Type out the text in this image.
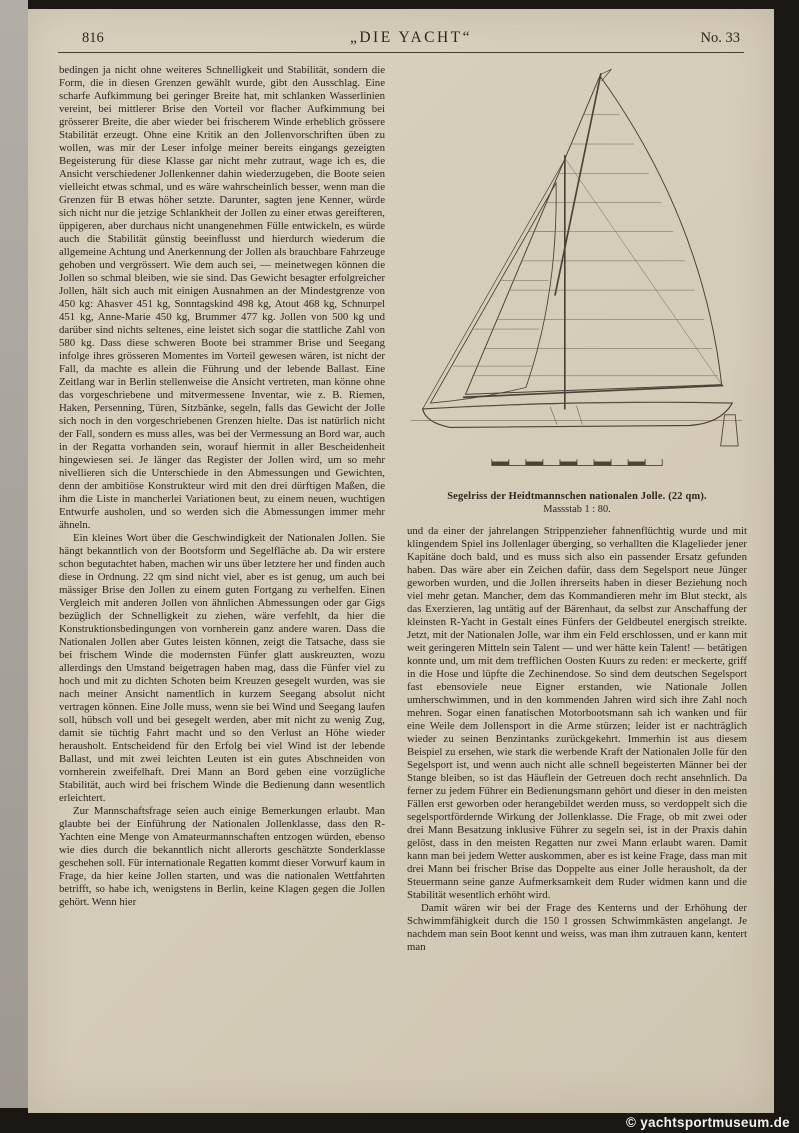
816	„DIE YACHT“	No. 33

bedingen ja nicht ohne weiteres Schnelligkeit und Stabilität, sondern die Form, die in diesen Grenzen gewählt wurde, gibt den Ausschlag. Eine scharfe Aufkimmung bei geringer Breite hat, mit schlanken Wasserlinien vereint, bei mittlerer Brise den Vorteil vor flacher Aufkimmung bei grösserer Breite, die aber wieder bei frischerem Winde erheblich grössere Stabilität erzeugt. Ohne eine Kritik an den Jollenvorschriften üben zu wollen, was mir der Leser infolge meiner bereits eingangs gezeigten Begeisterung für diese Klasse gar nicht mehr zutraut, wage ich es, die Ansicht verschiedener Jollenkenner dahin wiederzugeben, die Boote seien vielleicht etwas schmal, und es wäre wahrscheinlich besser, wenn man die Grenzen für B etwas höher setzte. Darunter, sagten jene Kenner, würde sich nicht nur die jetzige Schlankheit der Jollen zu einer etwas gereifteren, üppigeren, aber durchaus nicht unangenehmen Fülle entwickeln, es würde auch die Stabilität günstig beeinflusst und hierdurch wiederum die allgemeine Achtung und Anerkennung der Jollen als brauchbare Fahrzeuge gehoben und vergrössert. Wie dem auch sei, — meinetwegen können die Jollen so schmal bleiben, wie sie sind. Das Gewicht besagter erfolgreicher Jollen, hält sich auch mit einigen Ausnahmen an der Mindestgrenze von 450 kg: Ahasver 451 kg, Sonntagskind 498 kg, Atout 468 kg, Schnurpel 451 kg, Anne-Marie 450 kg, Brummer 477 kg. Jollen von 500 kg und darüber sind nichts seltenes, eine leistet sich sogar die stattliche Zahl von 580 kg. Dass diese schweren Boote bei strammer Brise und Seegang infolge ihres grösseren Momentes im Vorteil gewesen wären, ist nicht der Fall, da machte es allein die Führung und der lebende Ballast. Eine Zeitlang war in Berlin stellenweise die Ansicht vertreten, man könne ohne das vorgeschriebene und mitvermessene Inventar, wie z. B. Riemen, Haken, Persenning, Türen, Sitzbänke, segeln, falls das Gewicht der Jolle sich noch in den vorgeschriebenen Grenzen hielte. Das ist natürlich nicht der Fall, sondern es muss alles, was bei der Vermessung an Bord war, auch in der Regatta vorhanden sein, worauf hiermit in aller Bescheidenheit hingewiesen sei. Je länger das Register der Jollen wird, um so mehr nivellieren sich die Unterschiede in den Abmessungen und Gewichten, denn der ambitiöse Konstrukteur wird mit den drei dürftigen Maßen, die ihm die Liste in mancherlei Variationen beut, zu einem neuen, wuchtigen Entwurfe ausholen, und so werden sich die Abmessungen immer mehr ähneln.

Ein kleines Wort über die Geschwindigkeit der Nationalen Jollen. Sie hängt bekanntlich von der Bootsform und Segelfläche ab. Da wir erstere schon begutachtet haben, machen wir uns über letztere her und finden auch diese in Ordnung. 22 qm sind nicht viel, aber es ist genug, um auch bei mässiger Brise den Jollen zu einem guten Fortgang zu verhelfen. Einen Vergleich mit anderen Jollen von ähnlichen Abmessungen oder gar Gigs bezüglich der Schnelligkeit zu ziehen, wäre verfehlt, da hier die Konstruktionsbedingungen von vornherein ganz andere waren. Dass die Nationalen Jollen aber Gutes leisten können, zeigt die Tatsache, dass sie bei frischem Winde die modernsten Fünfer glatt auskreuzten, wozu allerdings den Umstand beigetragen haben mag, dass die Fünfer viel zu hoch und mit zu dichten Schoten beim Kreuzen gesegelt wurden, was sie nach meiner Ansicht namentlich in kurzem Seegang absolut nicht vertragen können. Eine Jolle muss, wenn sie bei Wind und Seegang laufen soll, hübsch voll und bei gesegelt werden, aber mit nicht zu wenig Zug, damit sie tüchtig Fahrt macht und so den Verlust an Höhe wieder herausholt. Entscheidend für den Erfolg bei viel Wind ist der lebende Ballast, und mit zwei leichten Leuten ist ein gutes Abschneiden von vornherein zweifelhaft. Drei Mann an Bord geben eine vorzügliche Stabilität, auch wird bei frischem Winde die Bedienung dann wesentlich erleichtert.

Zur Mannschaftsfrage seien auch einige Bemerkungen erlaubt. Man glaubte bei der Einführung der Nationalen Jollenklasse, dass den R-Yachten eine Menge von Amateurmannschaften entzogen würden, ebenso wie dies durch die bekanntlich nicht allerorts geschätzte Sonderklasse geschehen soll. Für internationale Regatten kommt dieser Vorwurf kaum in Frage, da hier keine Jollen starten, und was die nationalen Wettfahrten betrifft, so habe ich, wenigstens in Berlin, keine Klagen gegen die Jollen gehört. Wenn hier

Segelriss der Heidtmannschen nationalen Jolle. (22 qm).
Massstab 1 : 80.

und da einer der jahrelangen Strippenzieher fahnenflüchtig wurde und mit klingendem Spiel ins Jollenlager überging, so verhallten die Klagelieder jener Kapitäne doch bald, und es muss sich also ein passender Ersatz gefunden haben. Das wäre aber ein Zeichen dafür, dass dem Segelsport neue Jünger geworben wurden, und die Jollen ihrerseits haben in dieser Beziehung noch viel mehr getan. Mancher, dem das Kommandieren mehr im Blut steckt, als das Exerzieren, lag untätig auf der Bärenhaut, da selbst zur Anschaffung der kleinsten R-Yacht in Gestalt eines Fünfers der Geldbeutel energisch streikte. Jetzt, mit der Nationalen Jolle, war ihm ein Feld erschlossen, und er kann mit weit geringeren Mitteln sein Talent — und wer hätte kein Talent! — betätigen konnte und, um mit dem trefflichen Oosten Kuurs zu reden: er meckerte, griff in die Hose und lüpfte die Zechinendose. So sind dem deutschen Segelsport fast ebensoviele neue Eigner erstanden, wie Nationale Jollen umherschwimmen, und in den kommenden Jahren wird sich ihre Zahl noch mehren. Sogar einen fanatischen Motorbootsmann sah ich wanken und für eine Weile dem Jollensport in die Arme stürzen; leider ist er nachträglich wieder zu seinen Benzintanks zurückgekehrt. Immerhin ist aus diesem Beispiel zu ersehen, wie stark die werbende Kraft der Nationalen Jolle für den Segelsport ist, und wenn auch nicht alle schnell begeisterten Männer bei der Stange bleiben, so ist das Häuflein der Getreuen doch recht ansehnlich. Da ferner zu jedem Führer ein Bedienungsmann gehört und dieser in den meisten Fällen erst geworben oder herangebildet werden muss, so verdoppelt sich die segelsportfördernde Wirkung der Jollenklasse. Die Frage, ob mit zwei oder drei Mann Besatzung inklusive Führer zu segeln sei, ist in der Praxis dahin gelöst, dass in den meisten Regatten nur zwei Mann erlaubt waren. Damit kann man bei jedem Wetter auskommen, aber es ist keine Frage, dass man mit drei Mann bei frischer Brise das Doppelte aus einer Jolle herausholt, da der Steuermann seine ganze Aufmerksamkeit dem Ruder widmen kann und die Stabilität wesentlich erhöht wird.

Damit wären wir bei der Frage des Kenterns und der Erhöhung der Schwimmfähigkeit durch die 150 l grossen Schwimmkästen angelangt. Je nachdem man sein Boot kennt und weiss, was man ihm zutrauen kann, kentert man

© yachtsportmuseum.de
